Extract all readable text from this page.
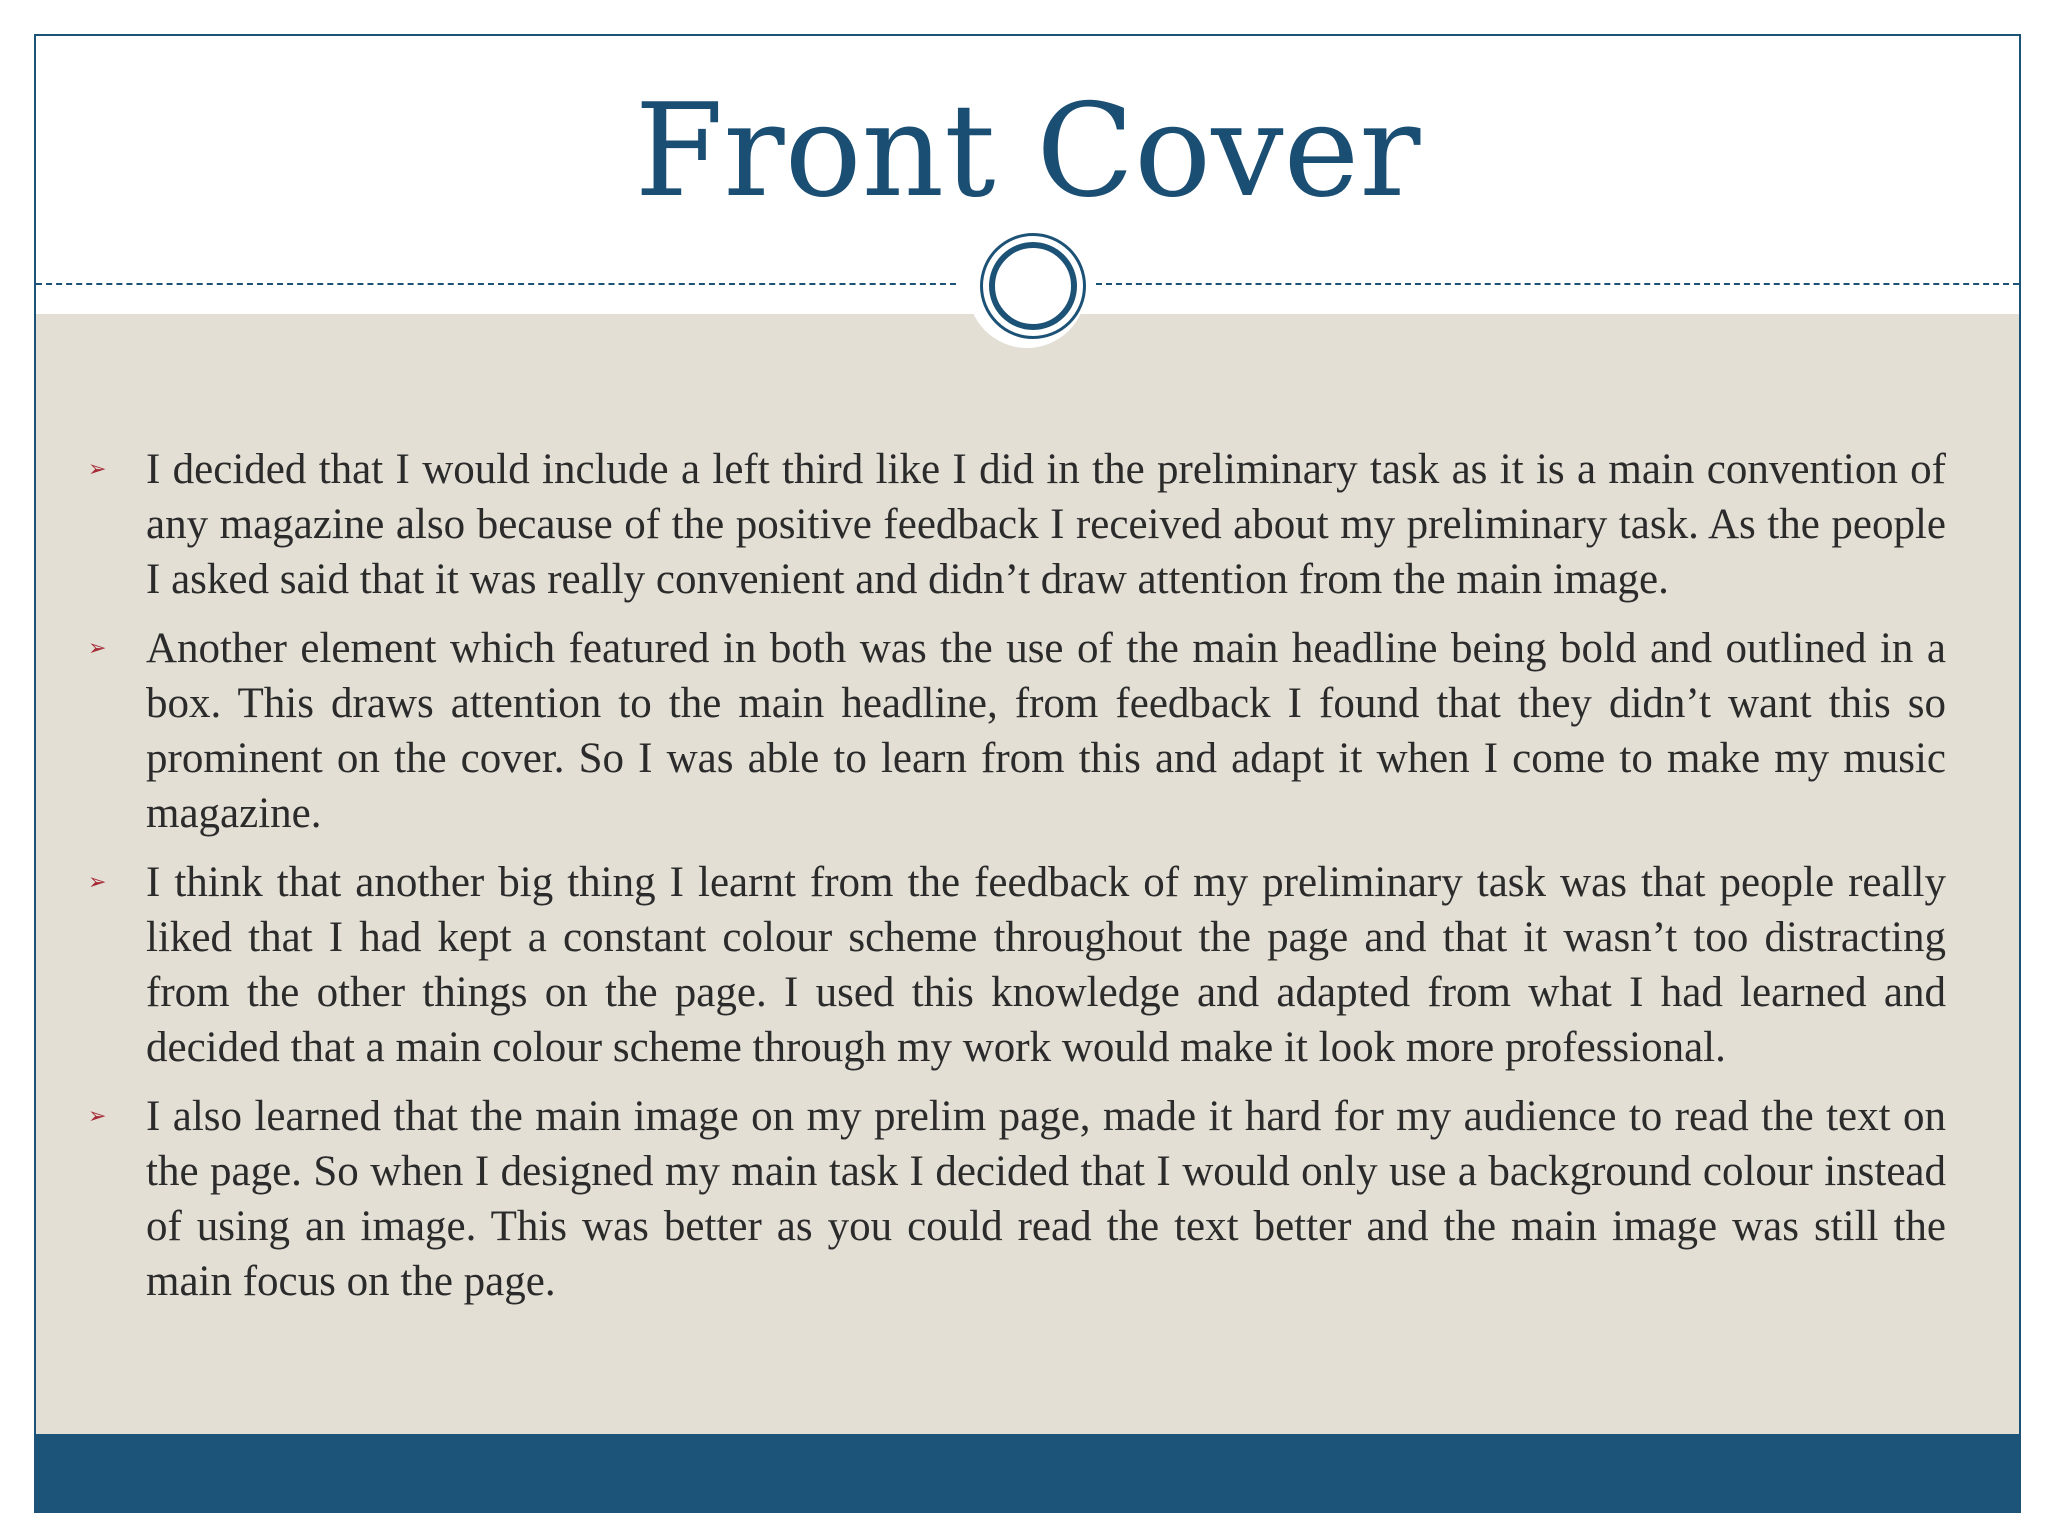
Front Cover
➢ I decided that I would include a left third like I did in the preliminary task as it is a main convention of any magazine also because of the positive feedback I received about my preliminary task. As the people I asked said that it was really convenient and didn’t draw attention from the main image.
➢ Another element which featured in both was the use of the main headline being bold and outlined in a box. This draws attention to the main headline, from feedback I found that they didn’t want this so prominent on the cover. So I was able to learn from this and adapt it when I come to make my music magazine.
➢ I think that another big thing I learnt from the feedback of my preliminary task was that people really liked that I had kept a constant colour scheme throughout the page and that it wasn’t too distracting from the other things on the page. I used this knowledge and adapted from what I had learned and decided that a main colour scheme through my work would make it look more professional.
➢ I also learned that the main image on my prelim page, made it hard for my audience to read the text on the page. So when I designed my main task I decided that I would only use a background colour instead of using an image. This was better as you could read the text better and the main image was still the main focus on the page.
